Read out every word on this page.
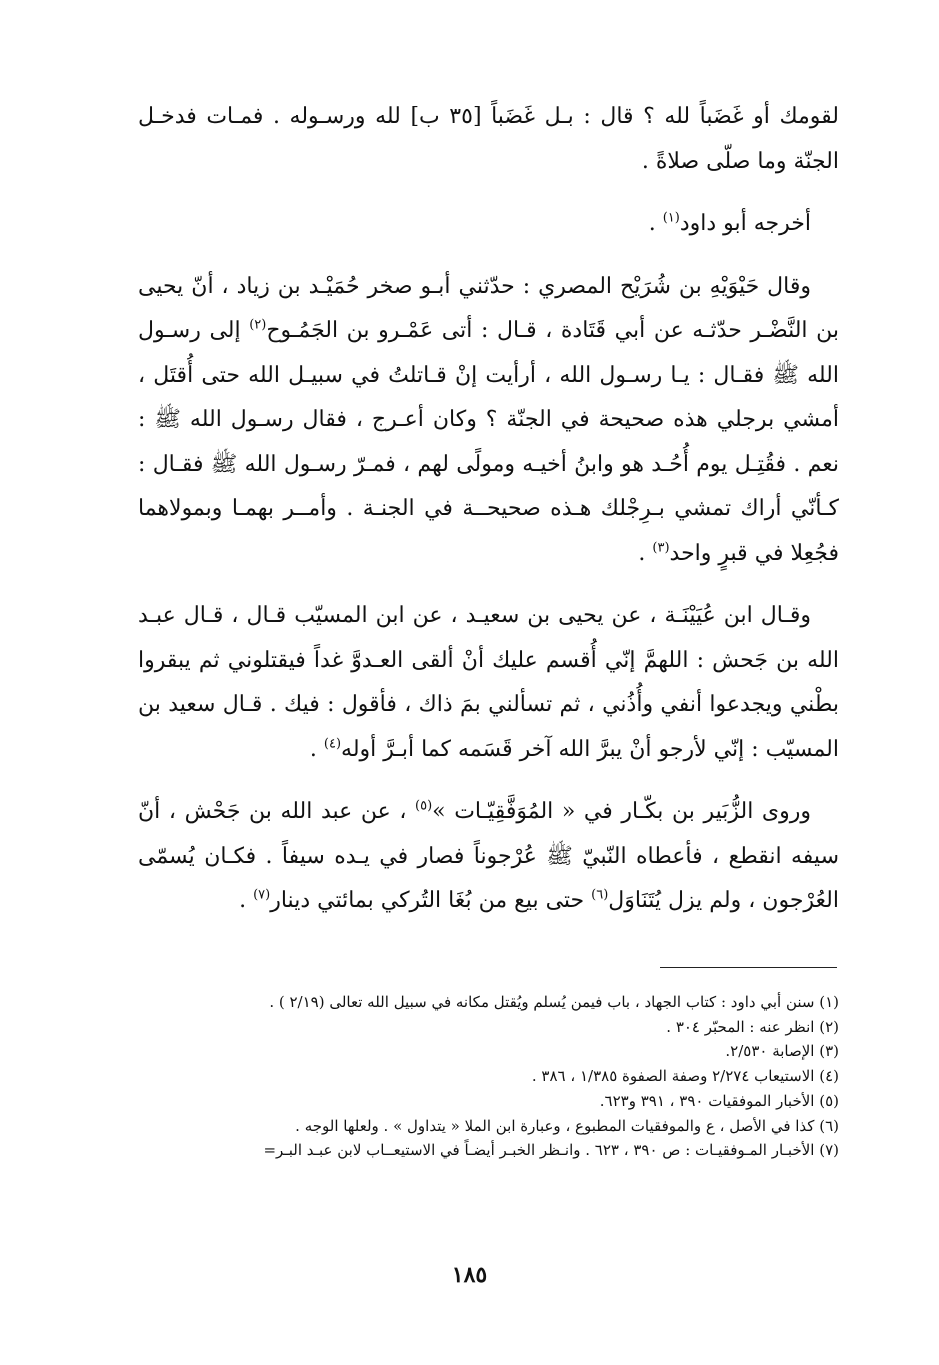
لقومك أو غَضَباً لله ؟ قال : بـل غَضَباً [٣٥ ب] لله ورسـوله . فمـات فدخـل الجنّة وما صلّى صلاةً .

أخرجه أبو داود$^{(١)}$ .

وقال حَيْوَيْهِ بن شُرَيْح المصري : حدّثني أبـو صخر حُمَيْـد بن زياد ، أنّ يحيى بن النَّضْـر حدّثـه عن أبي قَتَادة ، قـال : أتى عَمْـرو بن الجَمُـوح$^{(٢)}$ إلى رسـول الله ﷺ فقـال : يـا رسـول الله ، أرأيت إنْ قـاتلتُ في سبيـل الله حتى أُقتَل ، أمشي برجلي هذه صحيحة في الجنّة ؟ وكان أعـرج ، فقال رسـول الله ﷺ : نعم . فقُتِـل يوم أُحُـد هو وابنُ أخيـه ومولًى لهم ، فمـرّ رسـول الله ﷺ فقـال : كـأنّي أراك تمشي بـرِجْلك هـذه صحيحــة في الجنـة . وأمــر بهمـا وبمولاهما فجُعِلا في قبرٍ واحد$^{(٣)}$ .

وقـال ابن عُيَيْنَـة ، عن يحيى بن سعيـد ، عن ابن المسيّب قـال ، قـال عبـد الله بن جَحش : اللهمَّ إنّي أُقسم عليك أنْ ألقى العـدوَّ غداً فيقتلوني ثم يبقروا بطْني ويجدعوا أنفي وأُذُني ، ثم تسألني بمَ ذاك ، فأقول : فيك . قـال سعيد بن المسيّب : إنّي لأرجو أنْ يبرَّ الله آخر قَسَمه كما أبـرَّ أوله$^{(٤)}$ .

وروى الزُّبَير بن بكّـار في « المُوَفَّقِيّـات »$^{(٥)}$ ، عن عبد الله بن جَحْش ، أنّ سيفه انقطع ، فأعطاه النّبيّ ﷺ عُرْجوناً فصار في يـده سيفاً . فكـان يُسمّى العُرْجون ، ولم يزل يُتَنَاوَل$^{(٦)}$ حتى بيع من بُغَا التُركي بمائتي دينار$^{(٧)}$ .

(١) سنن أبي داود : كتاب الجهاد ، باب فيمن يُسلم ويُقتل مكانه في سبيل الله تعالى (٢/١٩ ) .

(٢) انظر عنه : المحبّر ٣٠٤ .

(٣) الإصابة ٢/٥٣٠.

(٤) الاستيعاب ٢/٢٧٤ وصفة الصفوة ١/٣٨٥ ، ٣٨٦ .

(٥) الأخبار الموفقيات ٣٩٠ ، ٣٩١ و٦٢٣.

(٦) كذا في الأصل ، ع والموفقيات المطبوع ، وعبارة ابن الملا « يتداول » . ولعلها الوجه .

(٧) الأخبـار المـوفقيـات : ص ٣٩٠ ، ٦٢٣ . وانـظر الخبـر أيضـاً في الاستيعــاب لابن عبـد البـر=

١٨٥
